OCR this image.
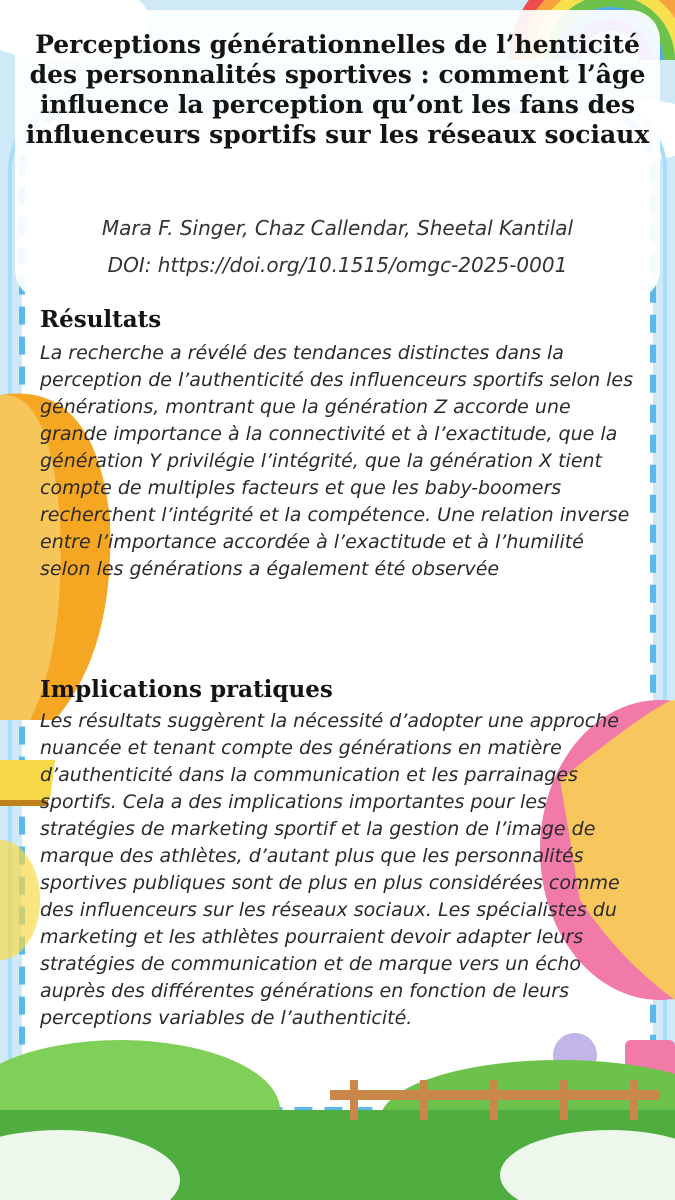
Perceptions générationnelles de l’henticité des personnalités sportives : comment l’âge influence la perception qu’ont les fans des influenceurs sportifs sur les réseaux sociaux

Mara F. Singer, Chaz Callendar, Sheetal Kantilal

DOI: https://doi.org/10.1515/omgc-2025-0001

Résultats

La recherche a révélé des tendances distinctes dans la perception de l’authenticité des influenceurs sportifs selon les générations, montrant que la génération Z accorde une grande importance à la connectivité et à l’exactitude, que la génération Y privilégie l’intégrité, que la génération X tient compte de multiples facteurs et que les baby-boomers recherchent l’intégrité et la compétence. Une relation inverse entre l’importance accordée à l’exactitude et à l’humilité selon les générations a également été observée

Implications pratiques

Les résultats suggèrent la nécessité d’adopter une approche nuancée et tenant compte des générations en matière d’authenticité dans la communication et les parrainages sportifs. Cela a des implications importantes pour les stratégies de marketing sportif et la gestion de l’image de marque des athlètes, d’autant plus que les personnalités sportives publiques sont de plus en plus considérées comme des influenceurs sur les réseaux sociaux. Les spécialistes du marketing et les athlètes pourraient devoir adapter leurs stratégies de communication et de marque vers un écho auprès des différentes générations en fonction de leurs perceptions variables de l’authenticité.
